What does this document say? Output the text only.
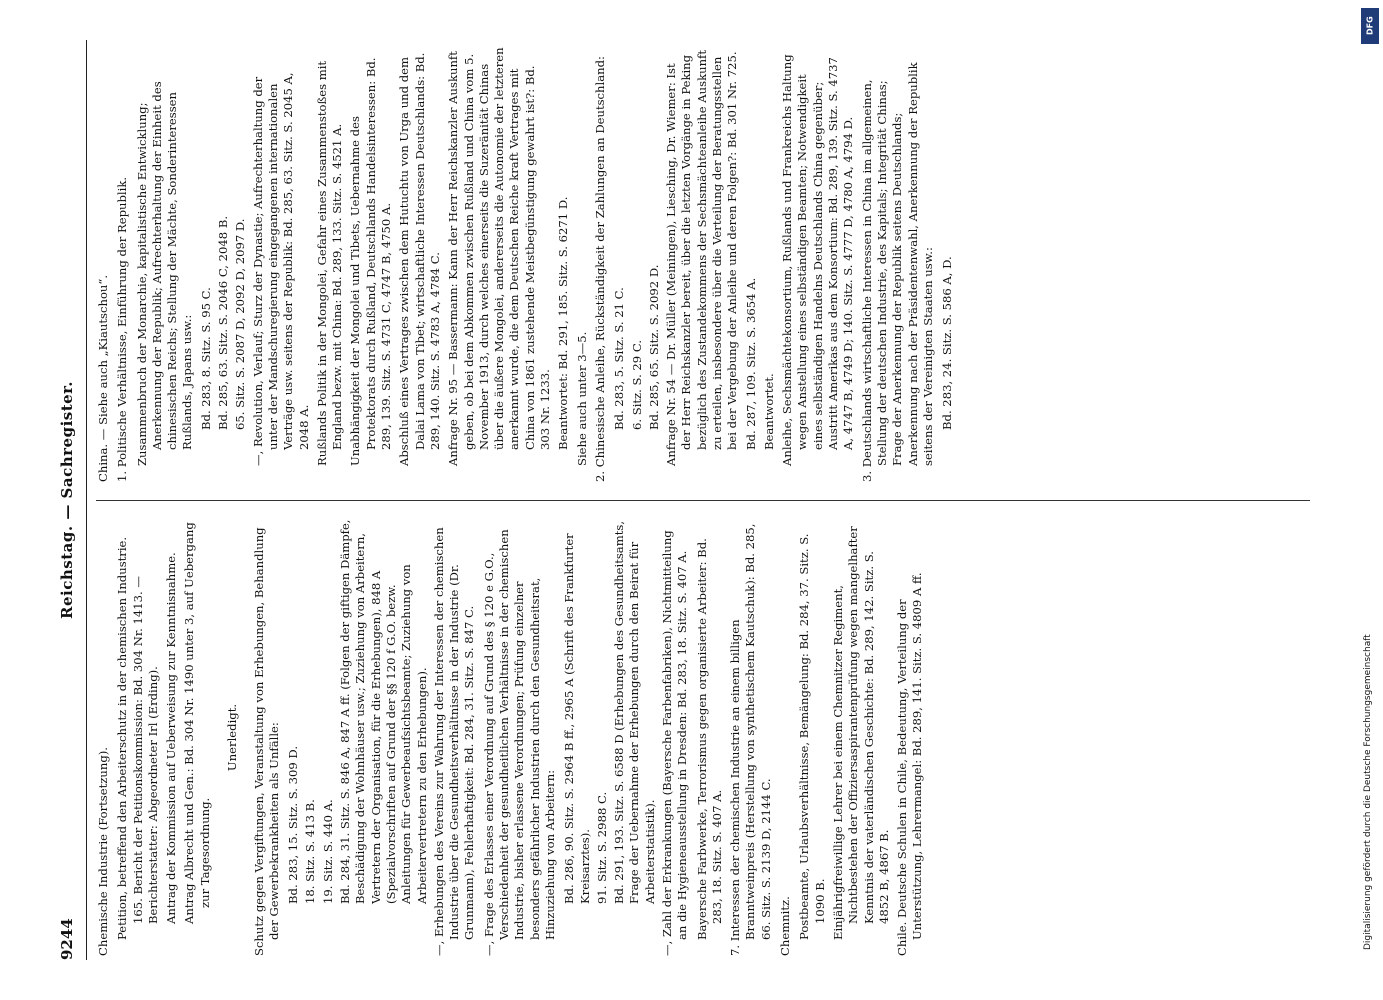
DFG
Digitalisierung gefördert durch die Deutsche Forschungsgemeinschaft
9244
Reichstag. — Sachregister.

Chemische Industrie (Fortsetzung). Petition, betreffend den Arbeiterschutz in der chemischen Industrie. 165. Bericht der Petitionskommission: Bd. 304 Nr. 1413. — Berichterstatter: Abgeordneter Irl (Erding). Antrag der Kommission auf Ueberweisung zur Kenntnisnahme. Antrag Albrecht und Gen.: Bd. 304 Nr. 1490 unter 3, auf Uebergang zur Tagesordnung.

Unerledigt. Schutz gegen Vergiftungen, Veranstaltung von Erhebungen, Behandlung der Gewerbekrankheiten als Unfälle: Bd. 283, 15. Sitz. S. 309 D. 18. Sitz. S. 413 B. 19. Sitz. S. 440 A. Bd. 284, 31. Sitz. S. 846 A, 847 A ff. (Folgen der giftigen Dämpfe, Beschädigung der Wohnhäuser usw.; Zuziehung von Arbeitern, Vertretern der Organisation, für die Erhebungen), 848 A (Spezialvorschriften auf Grund der §§ 120 f G.O. bezw. Anleitungen für Gewerbeaufsichtsbeamte; Zuziehung von Arbeitervertretern zu den Erhebungen). —, Erhebungen des Vereins zur Wahrung der Interessen der chemischen Industrie über die Gesundheitsverhältnisse in der Industrie (Dr. Grunmann), Fehlerhaftigkeit: Bd. 284, 31. Sitz. S. 847 C. —, Frage des Erlasses einer Verordnung auf Grund des § 120 e G.O., Verschiedenheit der gesundheitlichen Verhältnisse in der chemischen Industrie, bisher erlassene Verordnungen; Prüfung einzelner besonders gefährlicher Industrien durch den Gesundheitsrat, Hinzuziehung von Arbeitern: Bd. 286, 90. Sitz. S. 2964 B ff., 2965 A (Schrift des Frankfurter Kreisarztes). 91. Sitz. S. 2988 C. Bd. 291, 193. Sitz. S. 6588 D (Erhebungen des Gesundheitsamts, Frage der Uebernahme der Erhebungen durch den Beirat für Arbeiterstatistik). —, Zahl der Erkrankungen (Bayersche Farbenfabriken), Nichtmitteilung an die Hygieneausstellung in Dresden: Bd. 283, 18. Sitz. S. 407 A. Bayersche Farbwerke, Terrorismus gegen organisierte Arbeiter: Bd. 283, 18. Sitz. S. 407 A. 7. Interessen der chemischen Industrie an einem billigen Branntweinpreis (Herstellung von synthetischem Kautschuk): Bd. 285, 66. Sitz. S. 2139 D, 2144 C. Chemnitz. Postbeamte, Urlaubsverhältnisse, Bemängelung: Bd. 284, 37. Sitz. S. 1090 B. Einjährigfreiwillige Lehrer bei einem Chemnitzer Regiment, Nichtbestehen der Offiziersaspirantenprüfung wegen mangelhafter Kenntnis der vaterländischen Geschichte: Bd. 289, 142. Sitz. S. 4852 B, 4867 B. Chile. Deutsche Schulen in Chile, Bedeutung, Verteilung der Unterstützung, Lehrermangel: Bd. 289, 141. Sitz. S. 4809 A ff.

China. — Siehe auch „Kiautschou“. 1. Politische Verhältnisse, Einführung der Republik. Zusammenbruch der Monarchie, kapitalistische Entwicklung; Anerkennung der Republik; Aufrechterhaltung der Einheit des chinesischen Reichs; Stellung der Mächte, Sonderinteressen Rußlands, Japans usw.: Bd. 283, 8. Sitz. S. 95 C. Bd. 285, 63. Sitz. S. 2046 C, 2048 B. 65. Sitz. S. 2087 D, 2092 D, 2097 D. —, Revolution, Verlauf; Sturz der Dynastie; Aufrechterhaltung der unter der Mandschuregierung eingegangenen internationalen Verträge usw. seitens der Republik: Bd. 285, 63. Sitz. S. 2045 A, 2048 A. Rußlands Politik in der Mongolei, Gefahr eines Zusammenstoßes mit England bezw. mit China: Bd. 289, 133. Sitz. S. 4521 A. Unabhängigkeit der Mongolei und Tibets, Uebernahme des Protektorats durch Rußland, Deutschlands Handelsinteressen: Bd. 289, 139. Sitz. S. 4731 C, 4747 B, 4750 A. Abschluß eines Vertrages zwischen dem Hutuchtu von Urga und dem Dalai Lama von Tibet; wirtschaftliche Interessen Deutschlands: Bd. 289, 140. Sitz. S. 4783 A, 4784 C. Anfrage Nr. 95 — Bassermann: Kann der Herr Reichskanzler Auskunft geben, ob bei dem Abkommen zwischen Rußland und China vom 5. November 1913, durch welches einerseits die Suzeränität Chinas über die äußere Mongolei, andererseits die Autonomie der letzteren anerkannt wurde, die dem Deutschen Reiche kraft Vertrages mit China von 1861 zustehende Meistbegünstigung gewahrt ist?: Bd. 303 Nr. 1233. Beantwortet: Bd. 291, 185. Sitz. S. 6271 D. Siehe auch unter 3—5. 2. Chinesische Anleihe, Rückständigkeit der Zahlungen an Deutschland: Bd. 283, 5. Sitz. S. 21 C. 6. Sitz. S. 29 C. Bd. 285, 65. Sitz. S. 2092 D. Anfrage Nr. 54 — Dr. Müller (Meiningen), Liesching, Dr. Wiemer: Ist der Herr Reichskanzler bereit, über die letzten Vorgänge in Peking bezüglich des Zustandekommens der Sechsmächteanleihe Auskunft zu erteilen, insbesondere über die Verteilung der Beratungsstellen bei der Vergebung der Anleihe und deren Folgen?: Bd. 301 Nr. 725. Bd. 287, 109. Sitz. S. 3654 A. Beantwortet. Anleihe, Sechsmächtekonsortium, Rußlands und Frankreichs Haltung wegen Anstellung eines selbständigen Beamten; Notwendigkeit eines selbständigen Handelns Deutschlands China gegenüber; Austritt Amerikas aus dem Konsortium: Bd. 289, 139. Sitz. S. 4737 A, 4747 B, 4749 D; 140. Sitz. S. 4777 D, 4780 A, 4794 D. 3. Deutschlands wirtschaftliche Interessen in China im allgemeinen, Stellung der deutschen Industrie, des Kapitals; Integrität Chinas; Frage der Anerkennung der Republik seitens Deutschlands; Anerkennung nach der Präsidentenwahl, Anerkennung der Republik seitens der Vereinigten Staaten usw.: Bd. 283, 24. Sitz. S. 586 A, D.
